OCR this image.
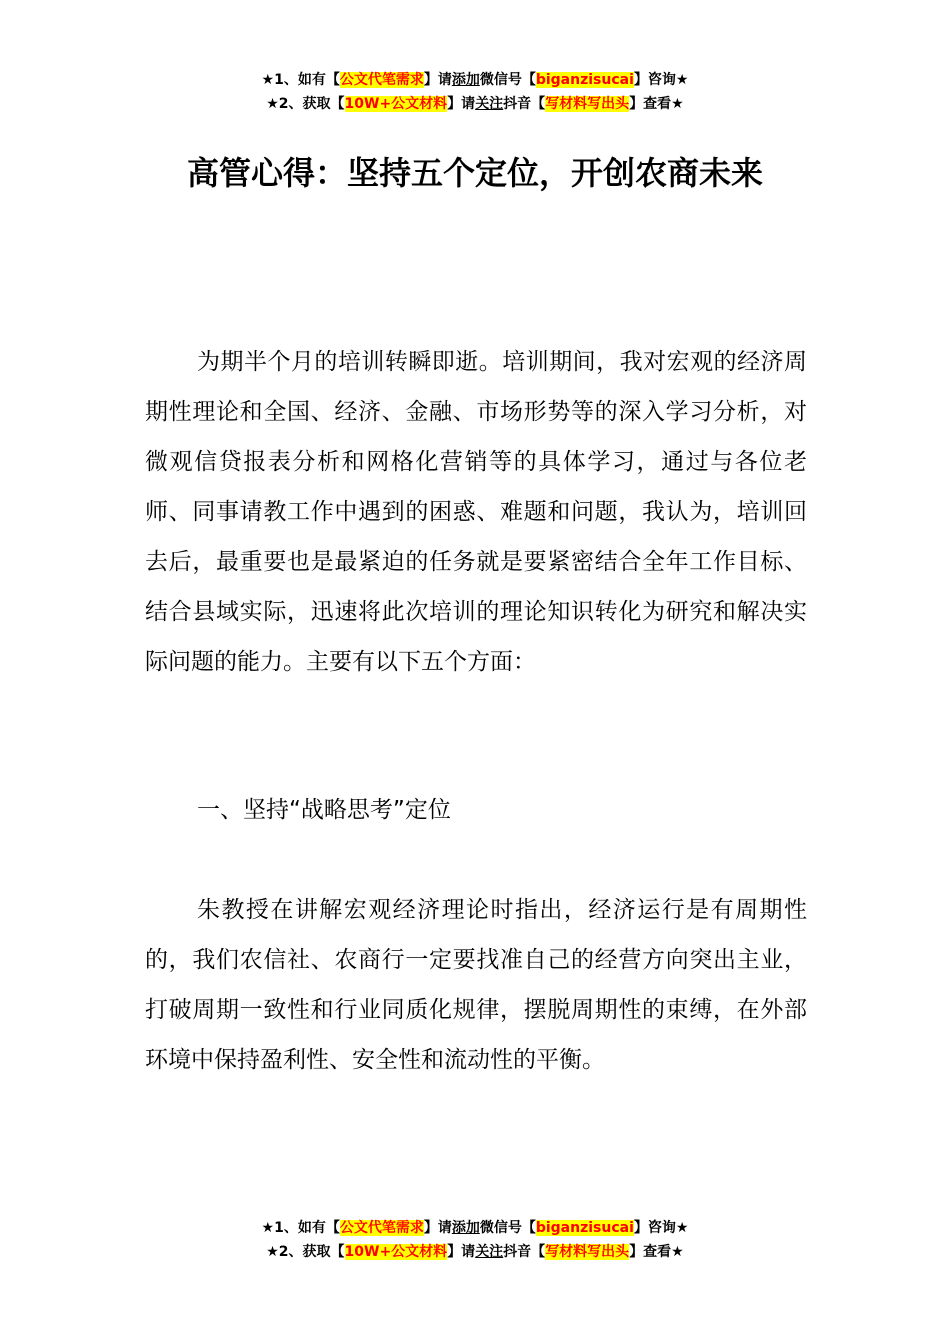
★1、如有【公文代笔需求】请添加微信号【biganzisucai】咨询★
★2、获取【10W+公文材料】请关注抖音【写材料写出头】查看★
高管心得：坚持五个定位，开创农商未来

为期半个月的培训转瞬即逝。培训期间，我对宏观的经济周期性理论和全国、经济、金融、市场形势等的深入学习分析，对微观信贷报表分析和网格化营销等的具体学习，通过与各位老师、同事请教工作中遇到的困惑、难题和问题，我认为，培训回去后，最重要也是最紧迫的任务就是要紧密结合全年工作目标、结合县域实际，迅速将此次培训的理论知识转化为研究和解决实际问题的能力。主要有以下五个方面：

一、坚持“战略思考”定位

朱教授在讲解宏观经济理论时指出，经济运行是有周期性的，我们农信社、农商行一定要找准自己的经营方向突出主业，打破周期一致性和行业同质化规律，摆脱周期性的束缚，在外部环境中保持盈利性、安全性和流动性的平衡。

★1、如有【公文代笔需求】请添加微信号【biganzisucai】咨询★
★2、获取【10W+公文材料】请关注抖音【写材料写出头】查看★
